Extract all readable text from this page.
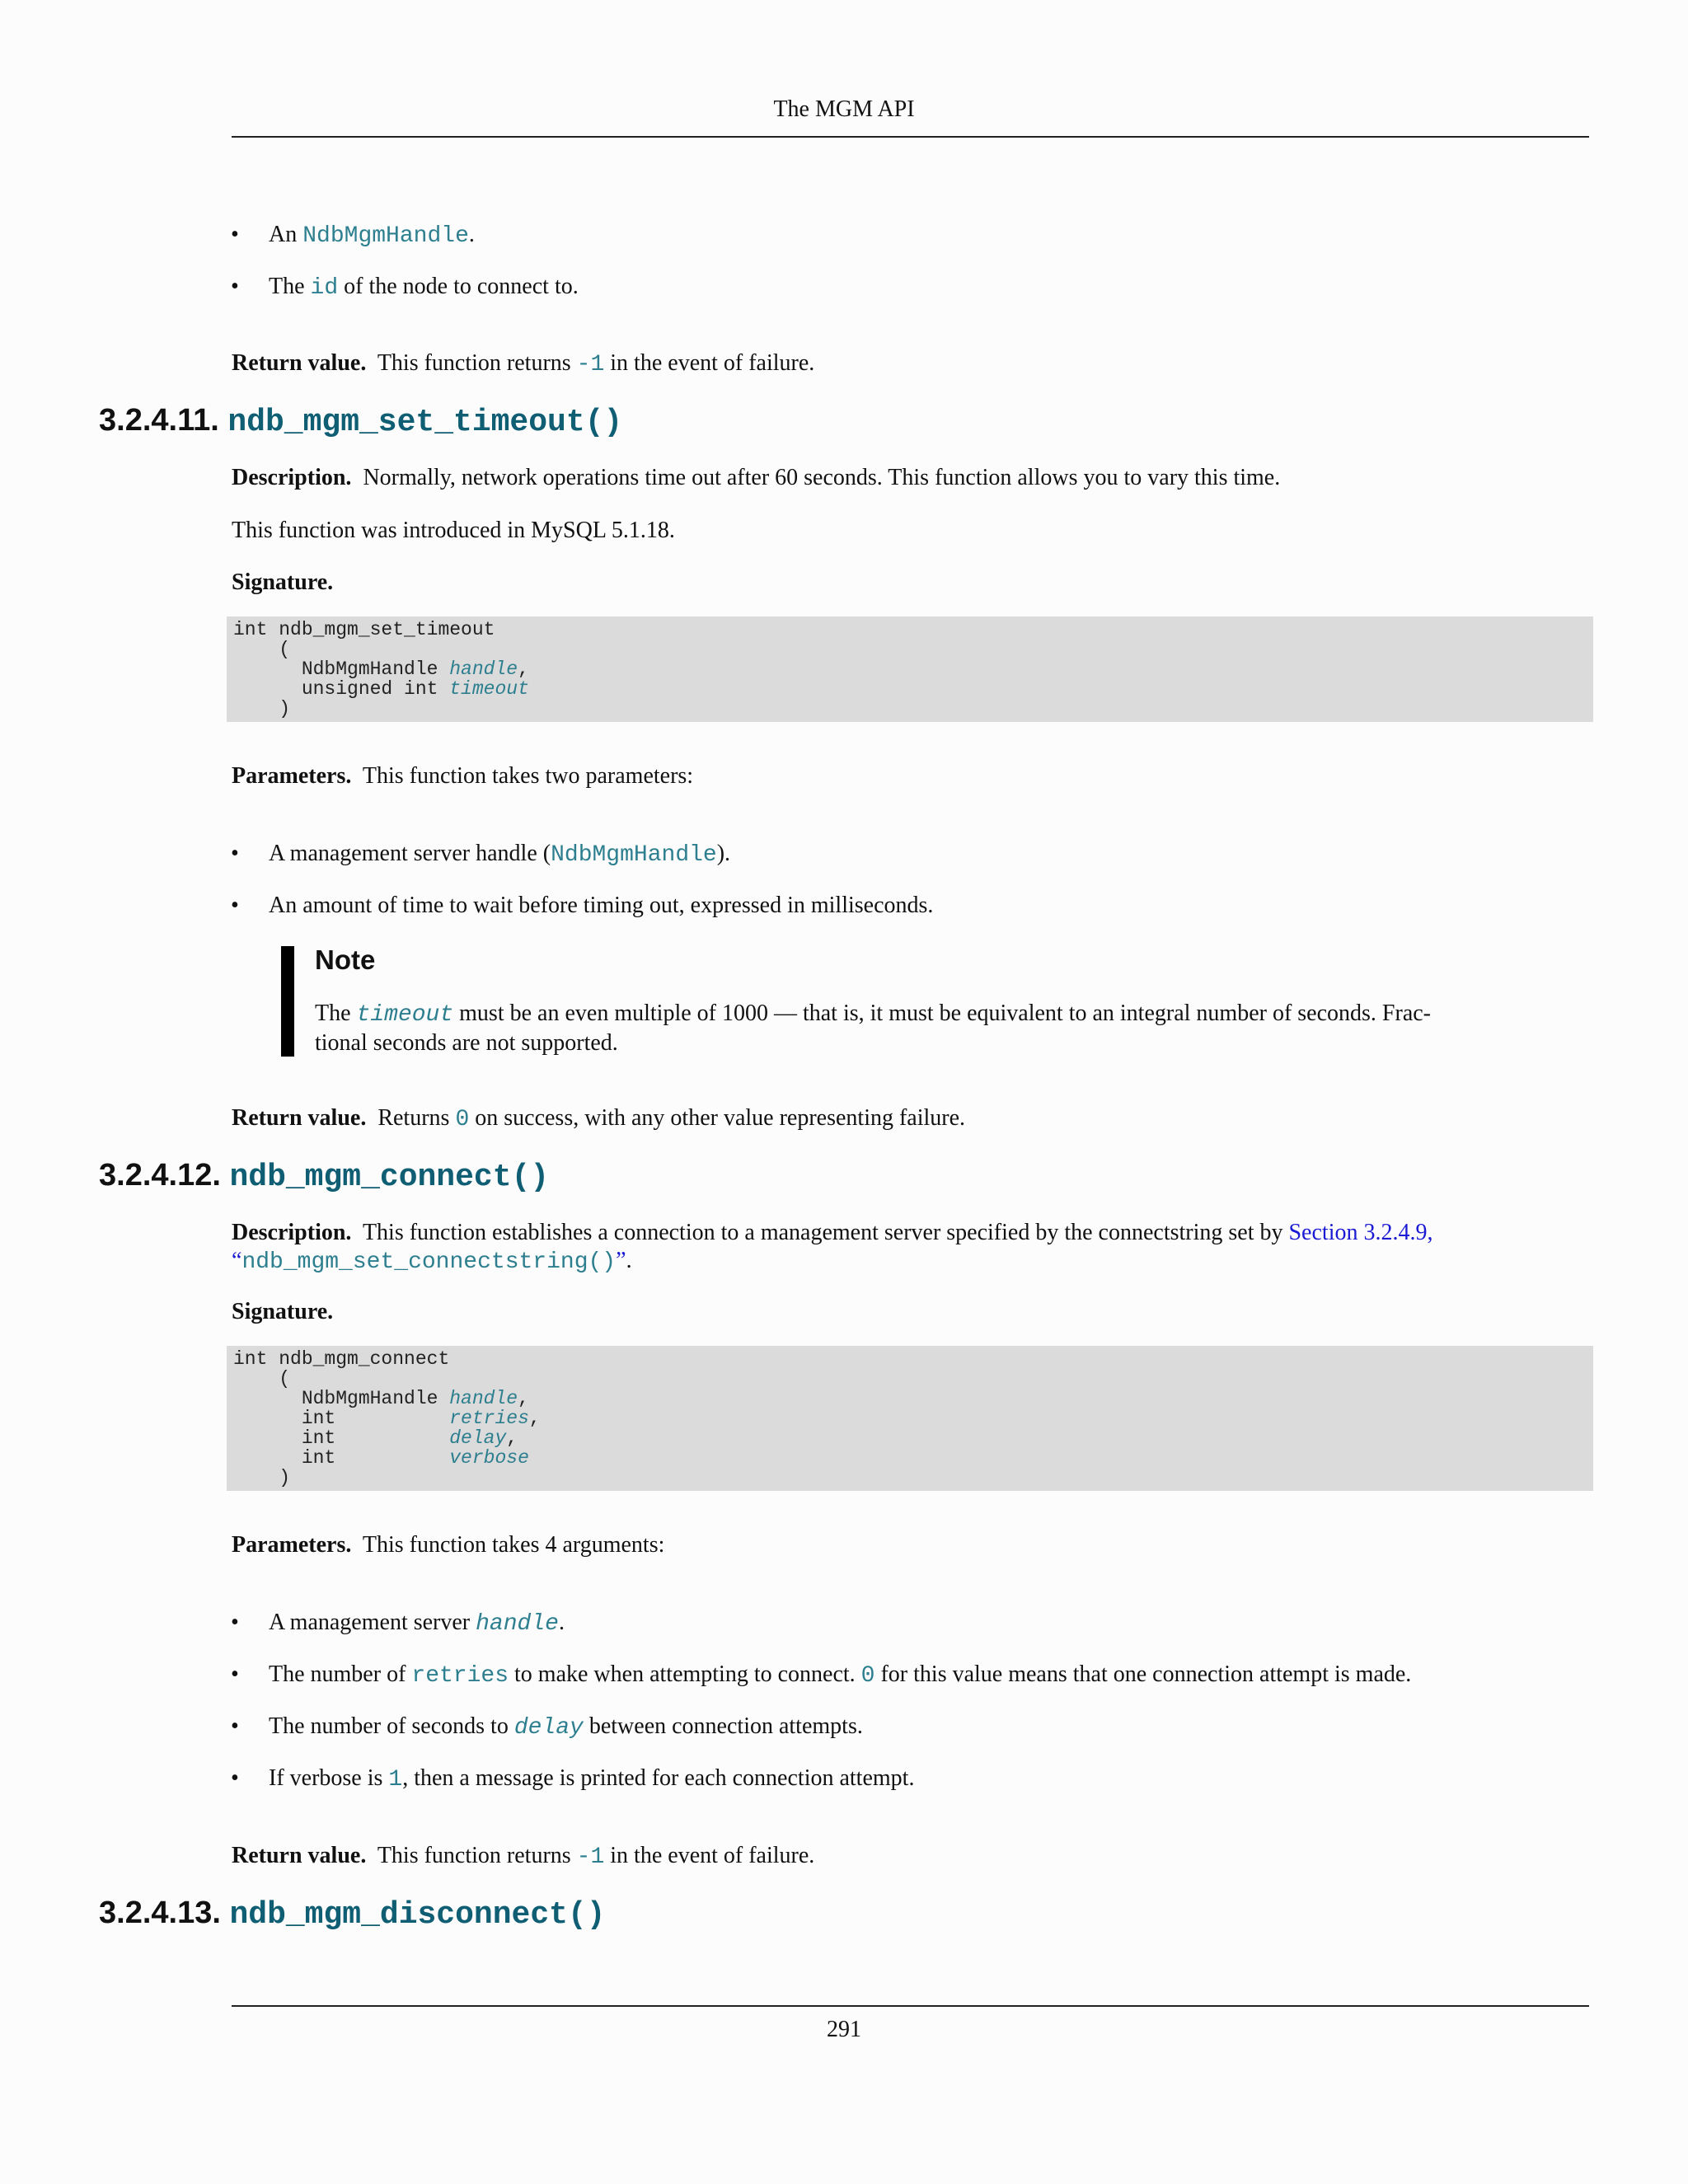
The MGM API
• An NdbMgmHandle.
• The id of the node to connect to.
Return value. This function returns -1 in the event of failure.
3.2.4.11. ndb_mgm_set_timeout()
Description. Normally, network operations time out after 60 seconds. This function allows you to vary this time.
This function was introduced in MySQL 5.1.18.
Signature.
int ndb_mgm_set_timeout
(
NdbMgmHandle handle,
unsigned int timeout
)
Parameters. This function takes two parameters:
• A management server handle (NdbMgmHandle).
• An amount of time to wait before timing out, expressed in milliseconds.
Note
The timeout must be an even multiple of 1000 — that is, it must be equivalent to an integral number of seconds. Frac-
tional seconds are not supported.
Return value. Returns 0 on success, with any other value representing failure.
3.2.4.12. ndb_mgm_connect()
Description. This function establishes a connection to a management server specified by the connectstring set by Section 3.2.4.9,
“ndb_mgm_set_connectstring()”.
Signature.
int ndb_mgm_connect
(
NdbMgmHandle handle,
int          retries,
int          delay,
int          verbose
)
Parameters. This function takes 4 arguments:
• A management server handle.
• The number of retries to make when attempting to connect. 0 for this value means that one connection attempt is made.
• The number of seconds to delay between connection attempts.
• If verbose is 1, then a message is printed for each connection attempt.
Return value. This function returns -1 in the event of failure.
3.2.4.13. ndb_mgm_disconnect()
291
